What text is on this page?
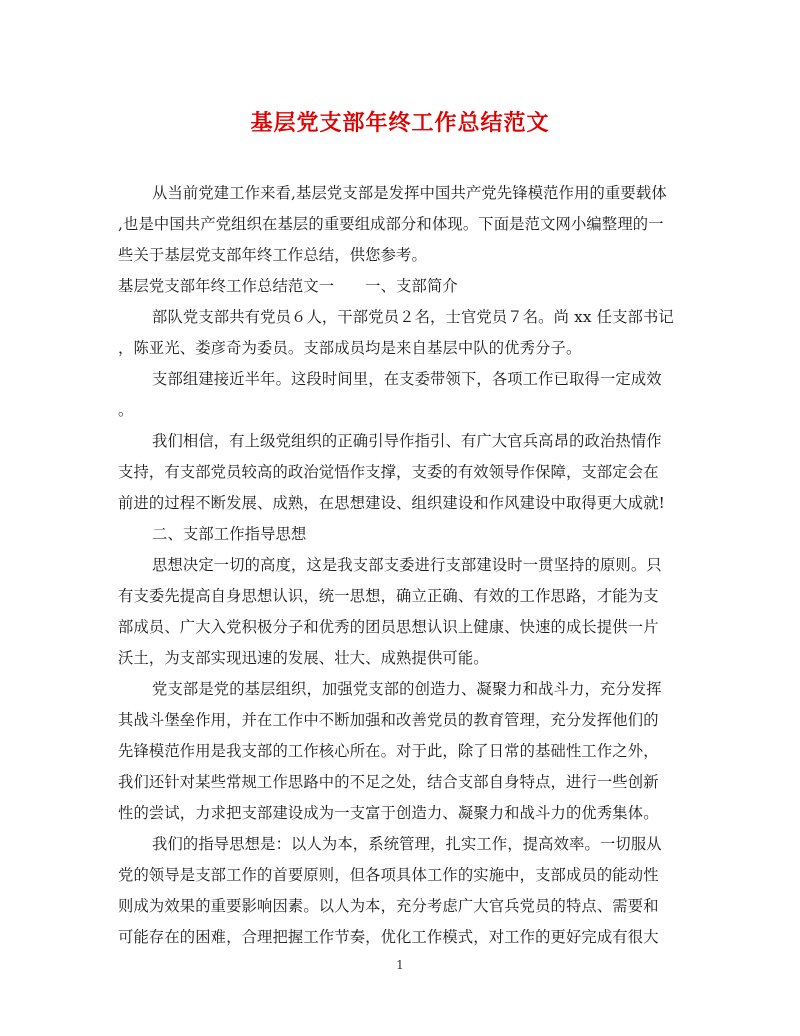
基层党支部年终工作总结范文
从当前党建工作来看,基层党支部是发挥中国共产党先锋模范作用的重要载体
,也是中国共产党组织在基层的重要组成部分和体现。下面是范文网小编整理的一
些关于基层党支部年终工作总结，供您参考。
基层党支部年终工作总结范文一　　一、支部简介
部队党支部共有党员６人，干部党员２名，士官党员７名。尚 xx 任支部书记
，陈亚光、娄彦奇为委员。支部成员均是来自基层中队的优秀分子。
支部组建接近半年。这段时间里，在支委带领下，各项工作已取得一定成效
。
我们相信，有上级党组织的正确引导作指引、有广大官兵高昂的政治热情作
支持，有支部党员较高的政治觉悟作支撑，支委的有效领导作保障，支部定会在
前进的过程不断发展、成熟，在思想建设、组织建设和作风建设中取得更大成就!
二、支部工作指导思想
思想决定一切的高度，这是我支部支委进行支部建设时一贯坚持的原则。只
有支委先提高自身思想认识，统一思想，确立正确、有效的工作思路，才能为支
部成员、广大入党积极分子和优秀的团员思想认识上健康、快速的成长提供一片
沃土，为支部实现迅速的发展、壮大、成熟提供可能。
党支部是党的基层组织，加强党支部的创造力、凝聚力和战斗力，充分发挥
其战斗堡垒作用，并在工作中不断加强和改善党员的教育管理，充分发挥他们的
先锋模范作用是我支部的工作核心所在。对于此，除了日常的基础性工作之外，
我们还针对某些常规工作思路中的不足之处，结合支部自身特点，进行一些创新
性的尝试，力求把支部建设成为一支富于创造力、凝聚力和战斗力的优秀集体。
我们的指导思想是：以人为本，系统管理，扎实工作，提高效率。一切服从
党的领导是支部工作的首要原则，但各项具体工作的实施中，支部成员的能动性
则成为效果的重要影响因素。以人为本，充分考虑广大官兵党员的特点、需要和
可能存在的困难，合理把握工作节奏，优化工作模式，对工作的更好完成有很大
1
